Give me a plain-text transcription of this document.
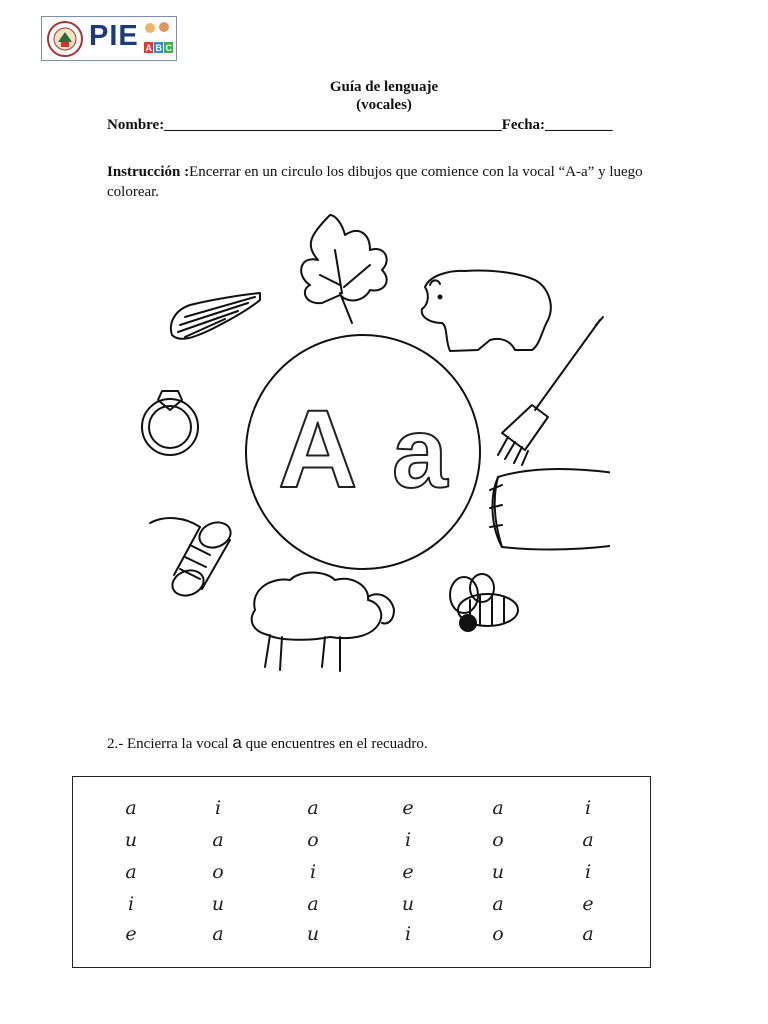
PIE A B C
Guía de lenguaje
(vocales)
Nombre:_____________________________________________Fecha:_________
Instrucción :Encerrar en un circulo los dibujos que comience con la vocal “A-a” y luego colorear.
A a
2.- Encierra la vocal a que encuentres en el recuadro.
a	i	a	e	a	i
u	a	o	i	o	a
a	o	i	e	u	i
i	u	a	u	a	e
e	a	u	i	o	a
